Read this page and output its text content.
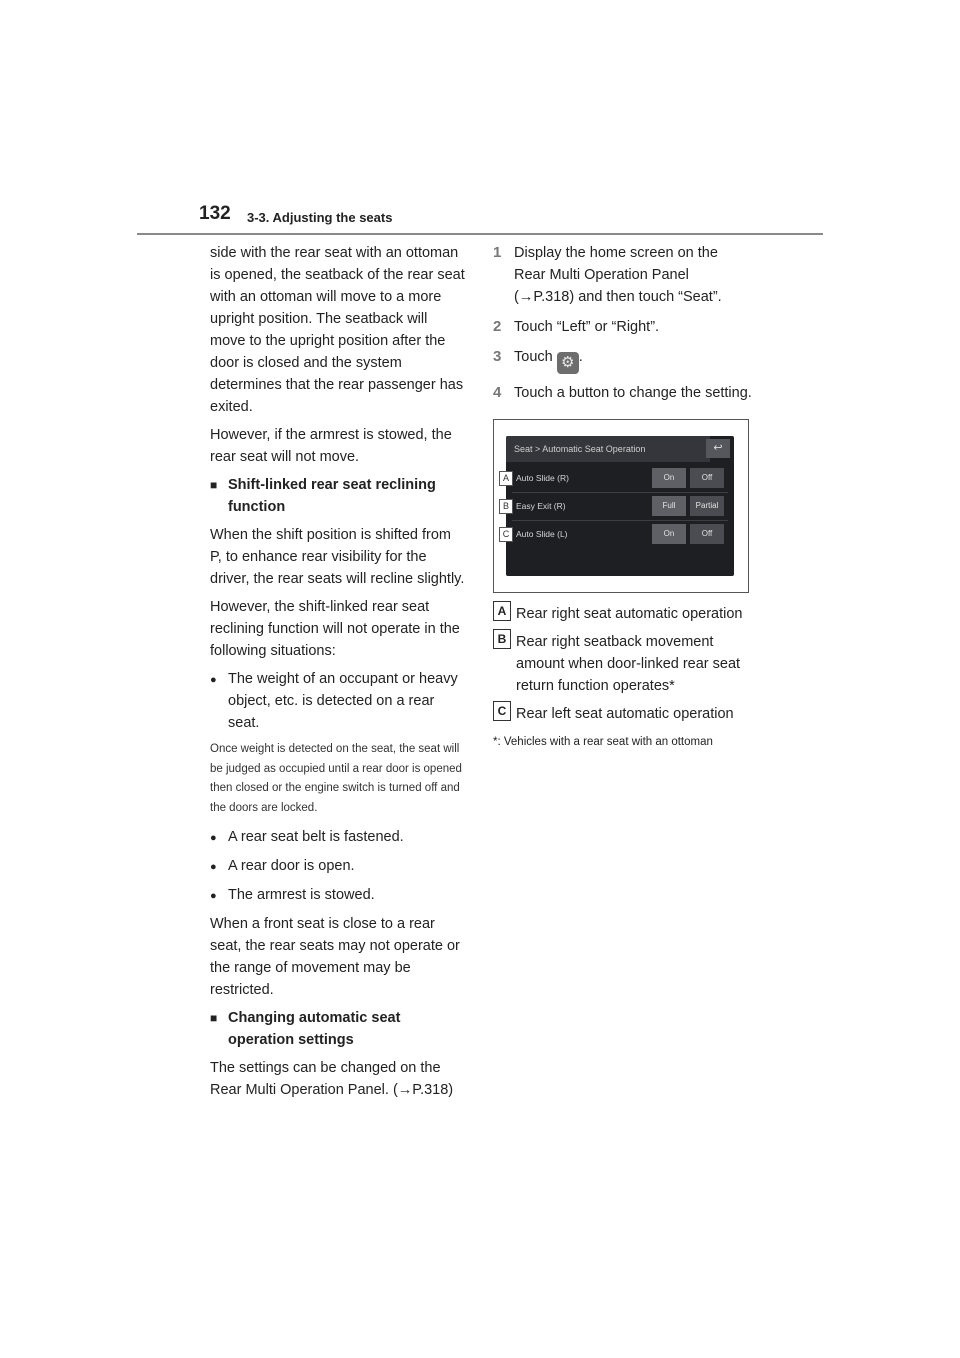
132 3-3. Adjusting the seats

side with the rear seat with an ottoman is opened, the seatback of the rear seat with an ottoman will move to a more upright position. The seatback will move to the upright position after the door is closed and the system determines that the rear passenger has exited.

However, if the armrest is stowed, the rear seat will not move.

■ Shift-linked rear seat reclining function

When the shift position is shifted from P, to enhance rear visibility for the driver, the rear seats will recline slightly.

However, the shift-linked rear seat reclining function will not operate in the following situations:

● The weight of an occupant or heavy object, etc. is detected on a rear seat.
Once weight is detected on the seat, the seat will be judged as occupied until a rear door is opened then closed or the engine switch is turned off and the doors are locked.
● A rear seat belt is fastened.
● A rear door is open.
● The armrest is stowed.

When a front seat is close to a rear seat, the rear seats may not operate or the range of movement may be restricted.

■ Changing automatic seat operation settings

The settings can be changed on the Rear Multi Operation Panel. (→P.318)

1 Display the home screen on the Rear Multi Operation Panel (→P.318) and then touch “Seat”.
2 Touch “Left” or “Right”.
3 Touch ⚙ .
4 Touch a button to change the setting.
Seat > Automatic Seat Operation	↩
Auto Slide (R)	On	Off
Easy Exit (R)	Full	Partial
Auto Slide (L)	On	Off
A
B
C
A Rear right seat automatic operation
B Rear right seatback movement amount when door-linked rear seat return function operates*
C Rear left seat automatic operation
*: Vehicles with a rear seat with an ottoman
